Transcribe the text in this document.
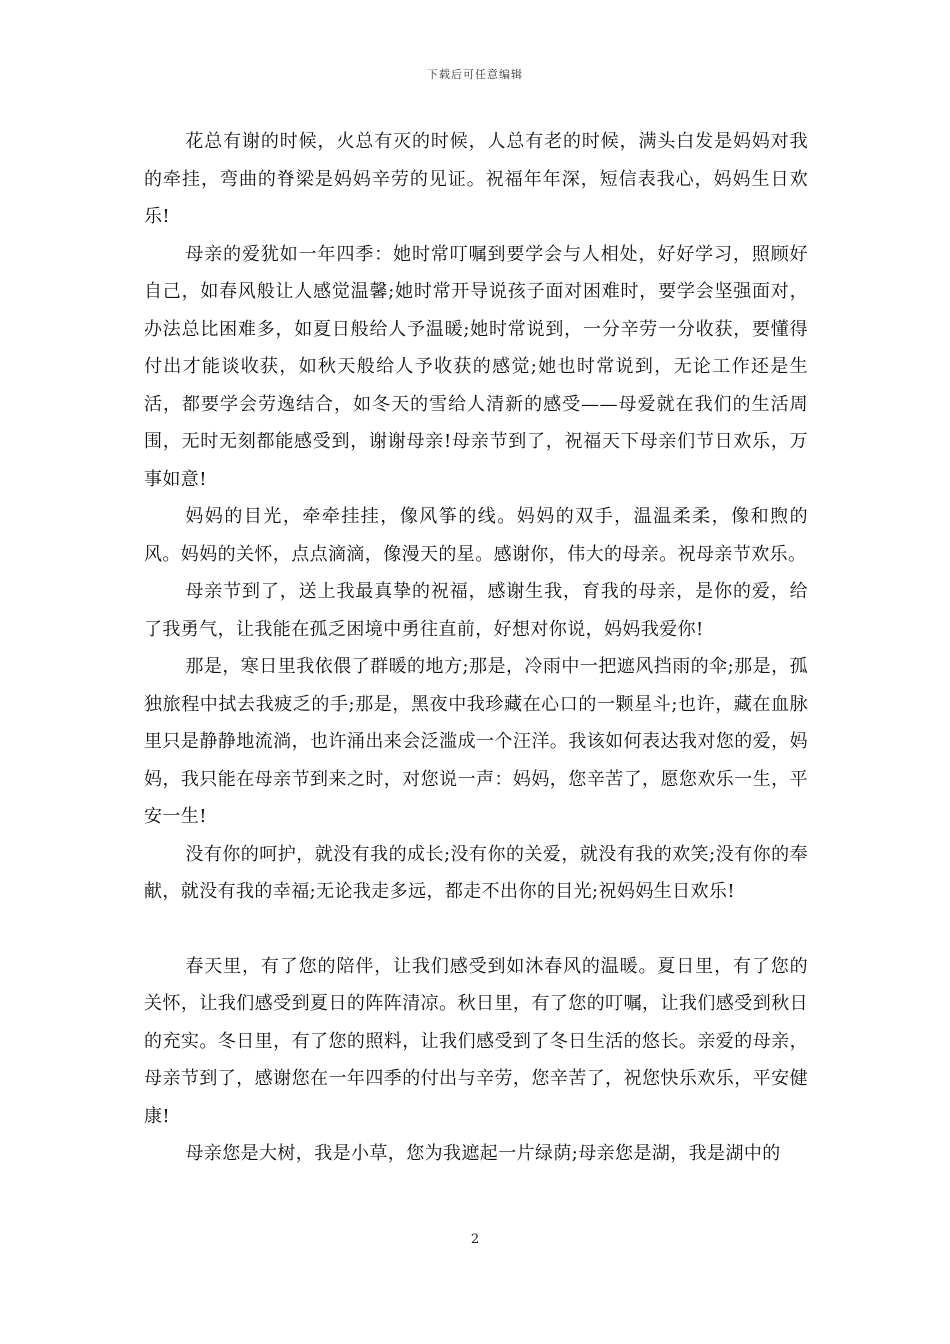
下载后可任意编辑

花总有谢的时候，火总有灭的时候，人总有老的时候，满头白发是妈妈对我的牵挂，弯曲的脊梁是妈妈辛劳的见证。祝福年年深，短信表我心，妈妈生日欢乐!

母亲的爱犹如一年四季：她时常叮嘱到要学会与人相处，好好学习，照顾好自己，如春风般让人感觉温馨;她时常开导说孩子面对困难时，要学会坚强面对，办法总比困难多，如夏日般给人予温暖;她时常说到，一分辛劳一分收获，要懂得付出才能谈收获，如秋天般给人予收获的感觉;她也时常说到，无论工作还是生活，都要学会劳逸结合，如冬天的雪给人清新的感受——母爱就在我们的生活周围，无时无刻都能感受到，谢谢母亲!母亲节到了，祝福天下母亲们节日欢乐，万事如意!

妈妈的目光，牵牵挂挂，像风筝的线。妈妈的双手，温温柔柔，像和煦的风。妈妈的关怀，点点滴滴，像漫天的星。感谢你，伟大的母亲。祝母亲节欢乐。

母亲节到了，送上我最真挚的祝福，感谢生我，育我的母亲，是你的爱，给了我勇气，让我能在孤乏困境中勇往直前，好想对你说，妈妈我爱你!

那是，寒日里我依偎了群暖的地方;那是，冷雨中一把遮风挡雨的伞;那是，孤独旅程中拭去我疲乏的手;那是，黑夜中我珍藏在心口的一颗星斗;也许，藏在血脉里只是静静地流淌，也许涌出来会泛滥成一个汪洋。我该如何表达我对您的爱，妈妈，我只能在母亲节到来之时，对您说一声：妈妈，您辛苦了，愿您欢乐一生，平安一生!

没有你的呵护，就没有我的成长;没有你的关爱，就没有我的欢笑;没有你的奉献，就没有我的幸福;无论我走多远，都走不出你的目光;祝妈妈生日欢乐!

春天里，有了您的陪伴，让我们感受到如沐春风的温暖。夏日里，有了您的关怀，让我们感受到夏日的阵阵清凉。秋日里，有了您的叮嘱，让我们感受到秋日的充实。冬日里，有了您的照料，让我们感受到了冬日生活的悠长。亲爱的母亲，母亲节到了，感谢您在一年四季的付出与辛劳，您辛苦了，祝您快乐欢乐，平安健康!

母亲您是大树，我是小草，您为我遮起一片绿荫;母亲您是湖，我是湖中的

2
